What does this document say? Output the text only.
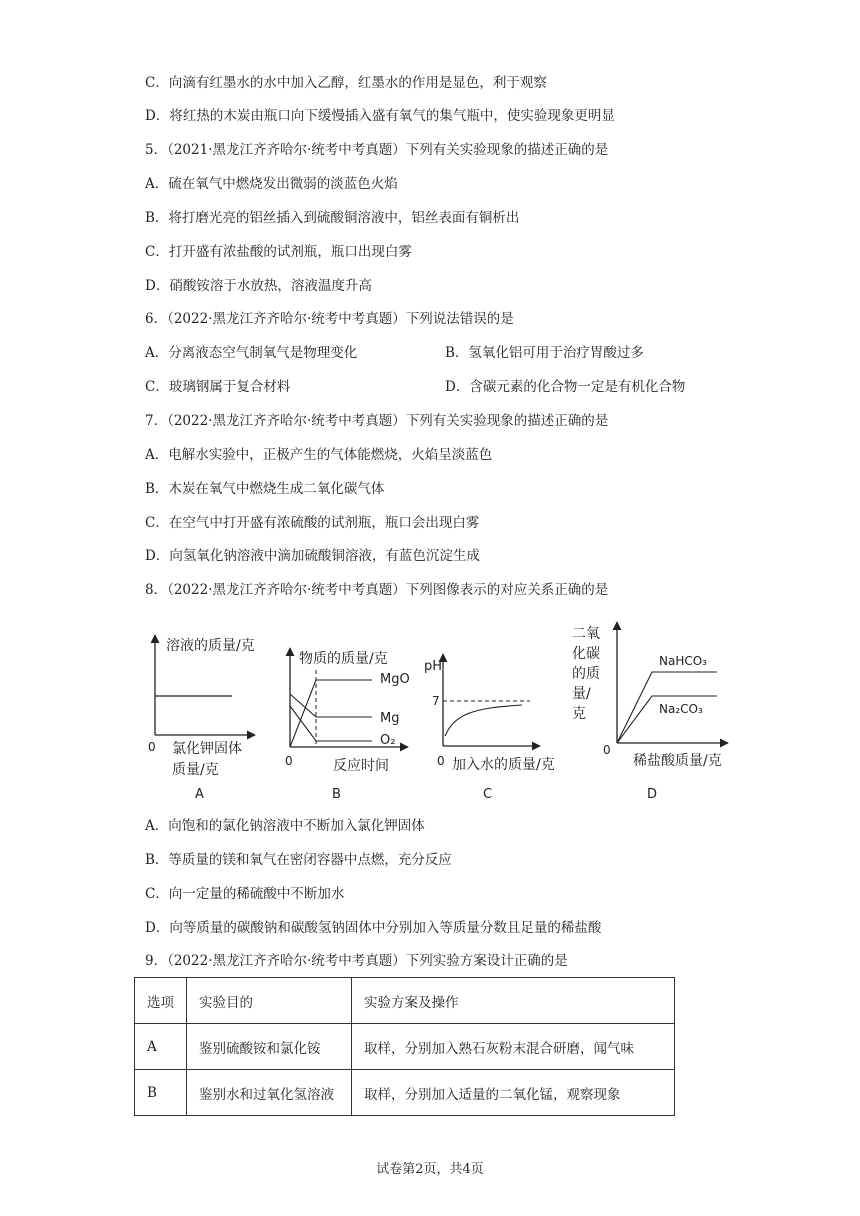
C．向滴有红墨水的水中加入乙醇，红墨水的作用是显色，利于观察
D．将红热的木炭由瓶口向下缓慢插入盛有氧气的集气瓶中，使实验现象更明显
5．（2021·黑龙江齐齐哈尔·统考中考真题）下列有关实验现象的描述正确的是
A．硫在氧气中燃烧发出微弱的淡蓝色火焰
B．将打磨光亮的铝丝插入到硫酸铜溶液中，铝丝表面有铜析出
C．打开盛有浓盐酸的试剂瓶，瓶口出现白雾
D．硝酸铵溶于水放热，溶液温度升高
6．（2022·黑龙江齐齐哈尔·统考中考真题）下列说法错误的是
A．分离液态空气制氧气是物理变化	B．氢氧化铝可用于治疗胃酸过多
C．玻璃钢属于复合材料	D．含碳元素的化合物一定是有机化合物
7．（2022·黑龙江齐齐哈尔·统考中考真题）下列有关实验现象的描述正确的是
A．电解水实验中，正极产生的气体能燃烧，火焰呈淡蓝色
B．木炭在氧气中燃烧生成二氧化碳气体
C．在空气中打开盛有浓硫酸的试剂瓶，瓶口会出现白雾
D．向氢氧化钠溶液中滴加硫酸铜溶液，有蓝色沉淀生成
8．（2022·黑龙江齐齐哈尔·统考中考真题）下列图像表示的对应关系正确的是
溶液的质量/克
0 氯化钾固体
质量/克
A
物质的质量/克
MgO
Mg
O₂
0	反应时间
B
pH
7
0 加入水的质量/克
C
二氧
化碳
的质
量/
克
NaHCO₃
Na₂CO₃
0
稀盐酸质量/克
D
A．向饱和的氯化钠溶液中不断加入氯化钾固体
B．等质量的镁和氧气在密闭容器中点燃，充分反应
C．向一定量的稀硫酸中不断加水
D．向等质量的碳酸钠和碳酸氢钠固体中分别加入等质量分数且足量的稀盐酸
9．（2022·黑龙江齐齐哈尔·统考中考真题）下列实验方案设计正确的是
选项	实验目的	实验方案及操作
A	鉴别硫酸铵和氯化铵	取样，分别加入熟石灰粉末混合研磨，闻气味
B	鉴别水和过氧化氢溶液	取样，分别加入适量的二氧化锰，观察现象
试卷第2页，共4页
